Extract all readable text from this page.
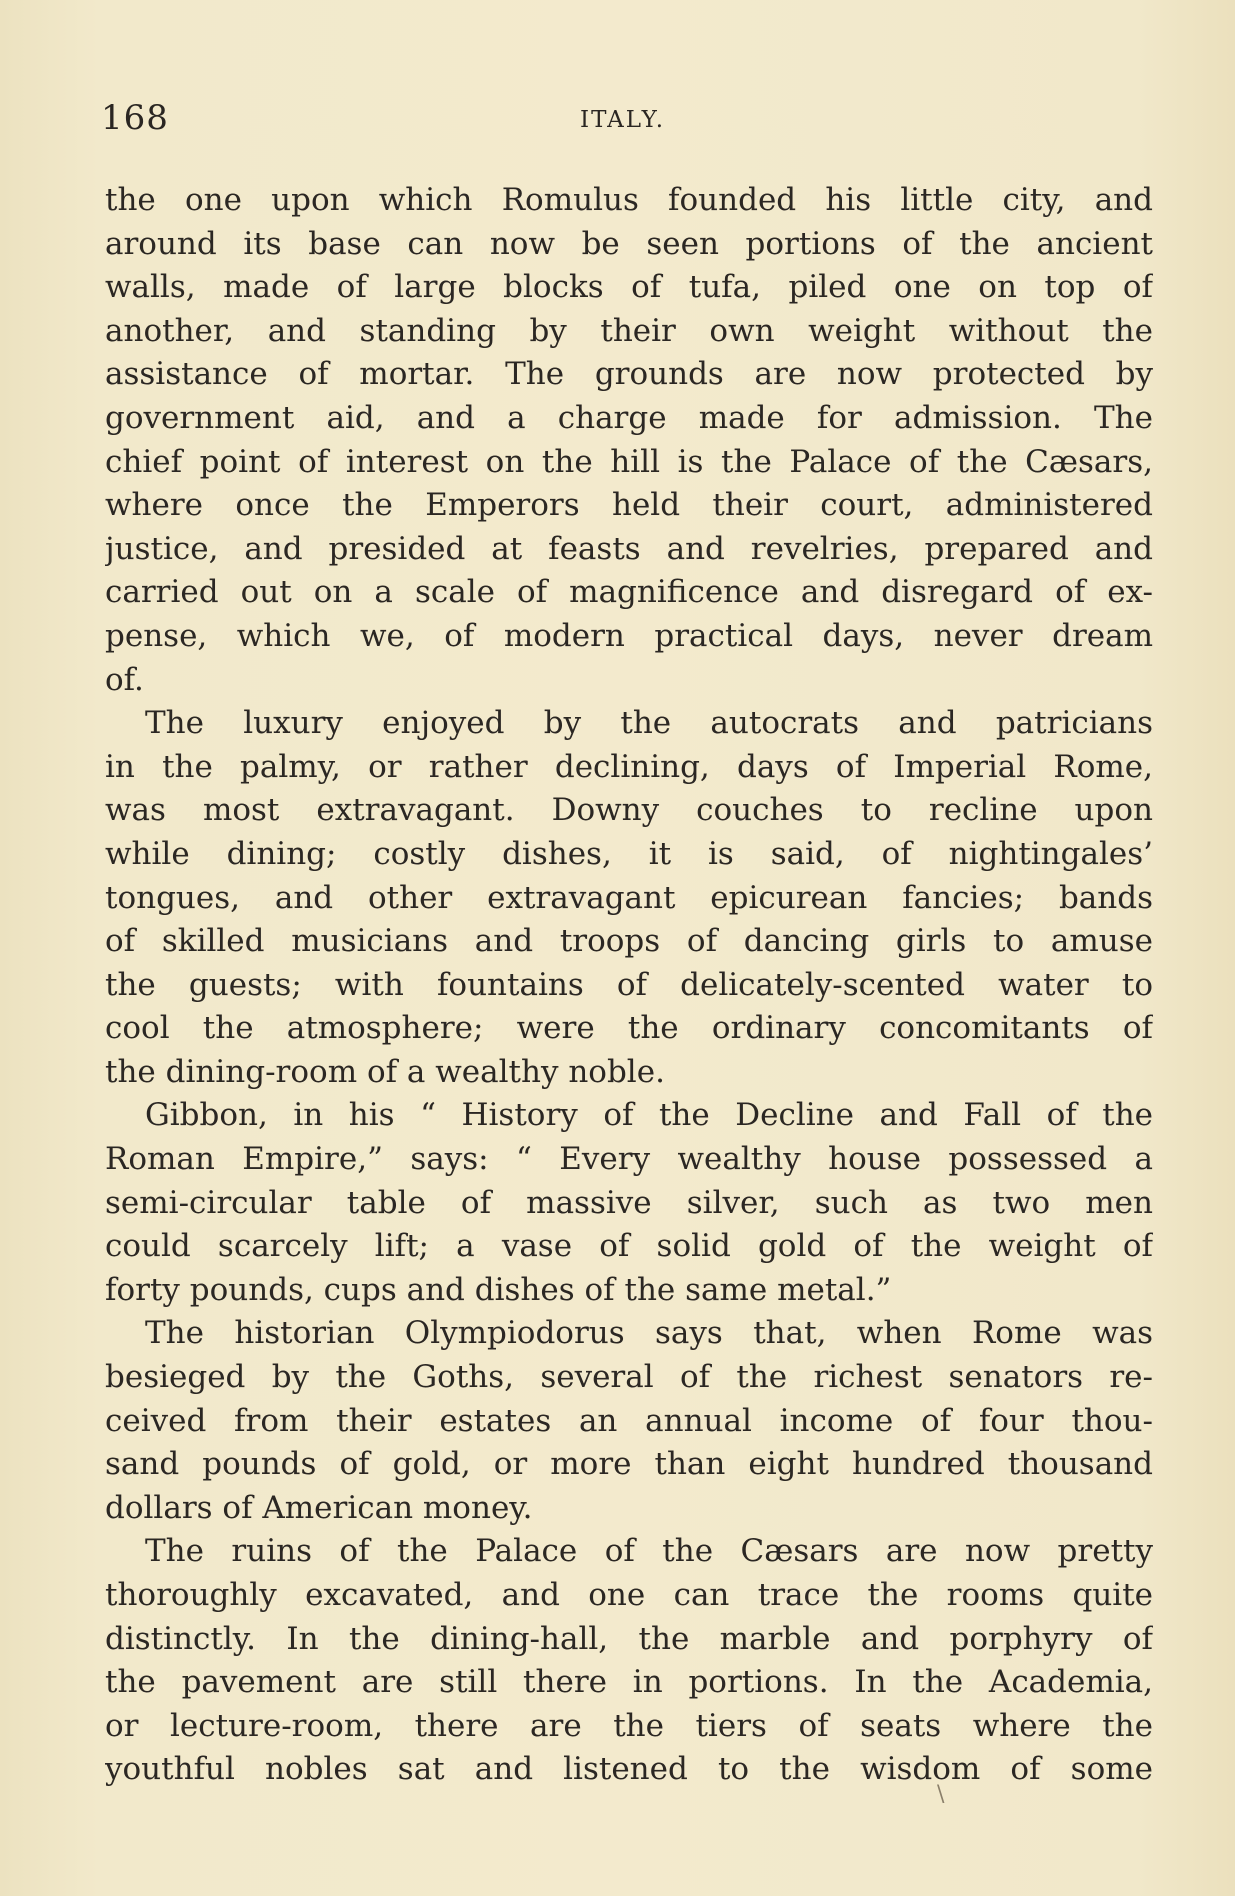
168	ITALY.
the one upon which Romulus founded his little city, and
around its base can now be seen portions of the ancient
walls, made of large blocks of tufa, piled one on top of
another, and standing by their own weight without the
assistance of mortar. The grounds are now protected by
government aid, and a charge made for admission. The
chief point of interest on the hill is the Palace of the Cæsars,
where once the Emperors held their court, administered
justice, and presided at feasts and revelries, prepared and
carried out on a scale of magnificence and disregard of ex-
pense, which we, of modern practical days, never dream
of.
The luxury enjoyed by the autocrats and patricians
in the palmy, or rather declining, days of Imperial Rome,
was most extravagant. Downy couches to recline upon
while dining; costly dishes, it is said, of nightingales’
tongues, and other extravagant epicurean fancies; bands
of skilled musicians and troops of dancing girls to amuse
the guests; with fountains of delicately-scented water to
cool the atmosphere; were the ordinary concomitants of
the dining-room of a wealthy noble.
Gibbon, in his “ History of the Decline and Fall of the
Roman Empire,” says: “ Every wealthy house possessed a
semi-circular table of massive silver, such as two men
could scarcely lift; a vase of solid gold of the weight of
forty pounds, cups and dishes of the same metal.”
The historian Olympiodorus says that, when Rome was
besieged by the Goths, several of the richest senators re-
ceived from their estates an annual income of four thou-
sand pounds of gold, or more than eight hundred thousand
dollars of American money.
The ruins of the Palace of the Cæsars are now pretty
thoroughly excavated, and one can trace the rooms quite
distinctly. In the dining-hall, the marble and porphyry of
the pavement are still there in portions. In the Academia,
or lecture-room, there are the tiers of seats where the
youthful nobles sat and listened to the wisdom of some
\
